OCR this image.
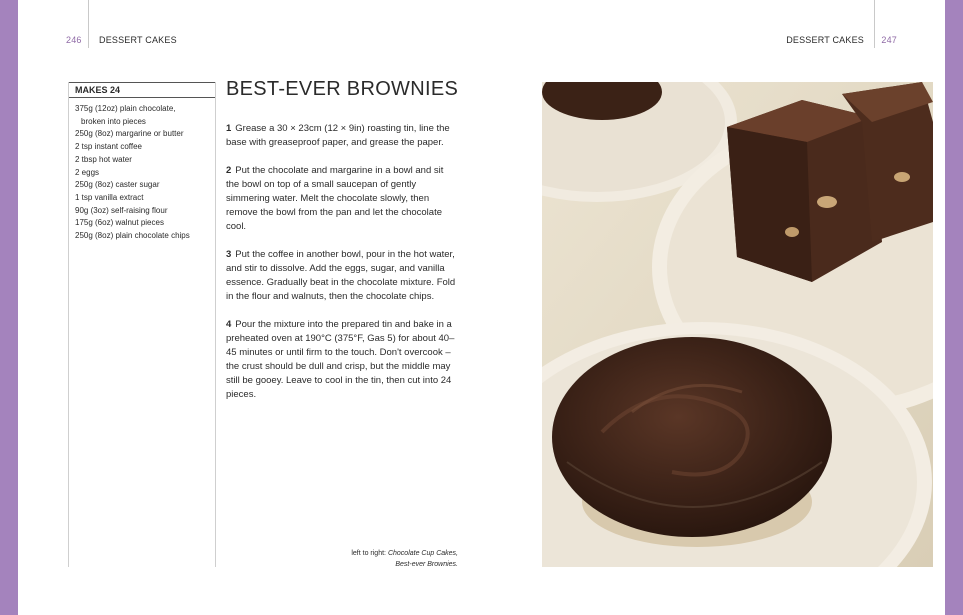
246 DESSERT CAKES	DESSERT CAKES 247
MAKES 24
375g (12oz) plain chocolate,
broken into pieces
250g (8oz) margarine or butter
2 tsp instant coffee
2 tbsp hot water
2 eggs
250g (8oz) caster sugar
1 tsp vanilla extract
90g (3oz) self-raising flour
175g (6oz) walnut pieces
250g (8oz) plain chocolate chips
BEST-EVER BROWNIES

1 Grease a 30 × 23cm (12 × 9in) roasting tin, line the base with greaseproof paper, and grease the paper.

2 Put the chocolate and margarine in a bowl and sit the bowl on top of a small saucepan of gently simmering water. Melt the chocolate slowly, then remove the bowl from the pan and let the chocolate cool.

3 Put the coffee in another bowl, pour in the hot water, and stir to dissolve. Add the eggs, sugar, and vanilla essence. Gradually beat in the chocolate mixture. Fold in the flour and walnuts, then the chocolate chips.

4 Pour the mixture into the prepared tin and bake in a preheated oven at 190°C (375°F, Gas 5) for about 40–45 minutes or until firm to the touch. Don't overcook – the crust should be dull and crisp, but the middle may still be gooey. Leave to cool in the tin, then cut into 24 pieces.

left to right: Chocolate Cup Cakes,
Best-ever Brownies.
